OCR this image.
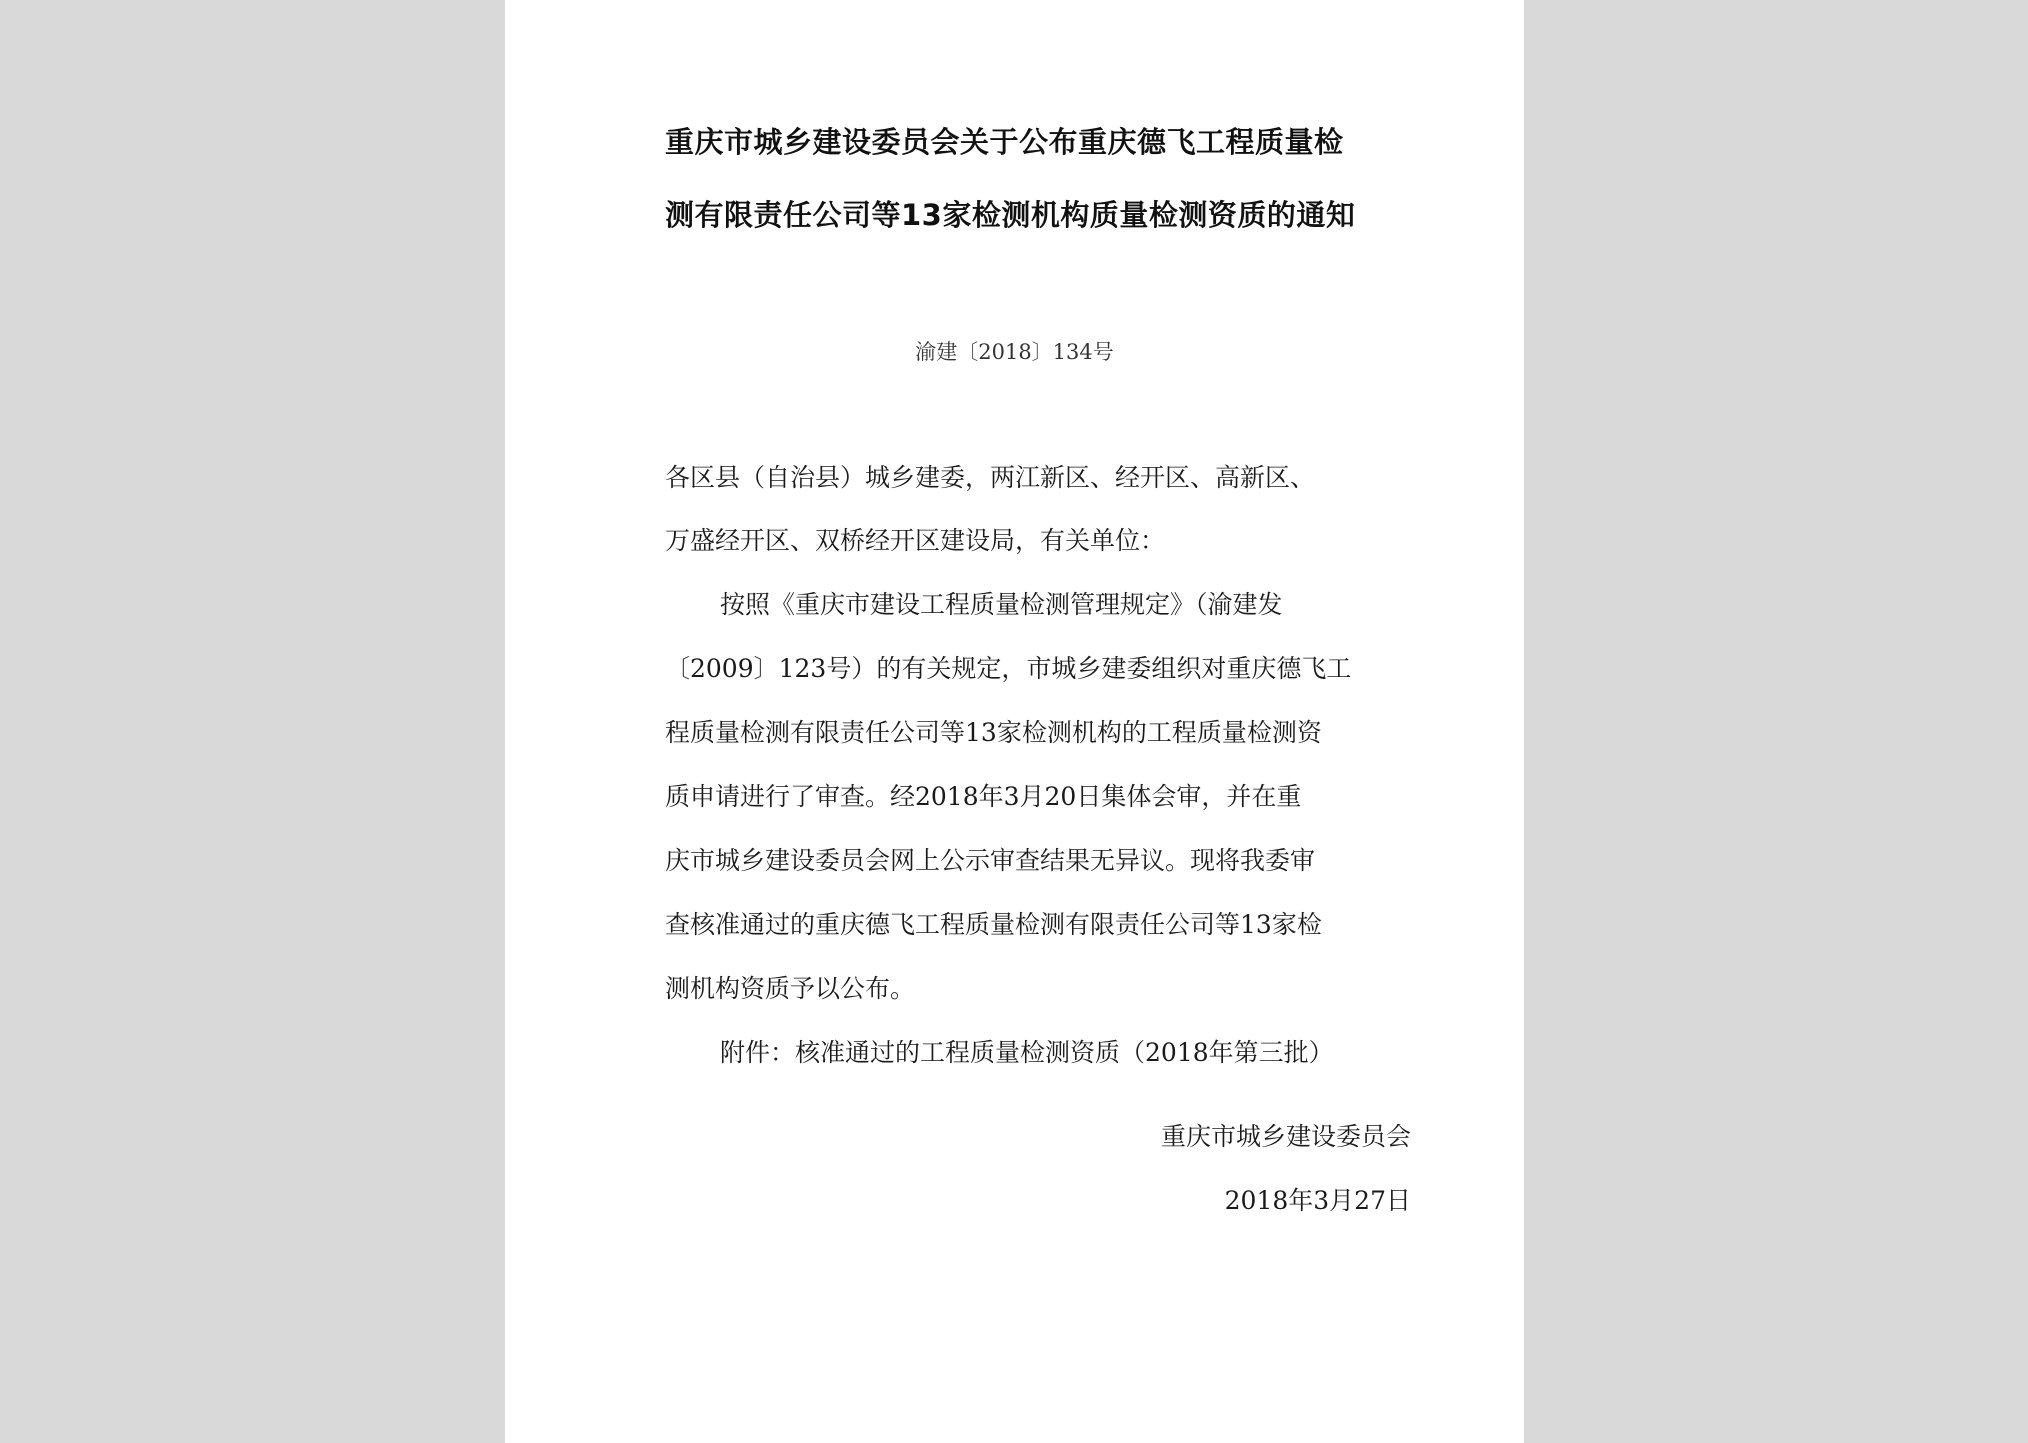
重庆市城乡建设委员会关于公布重庆德飞工程质量检
测有限责任公司等13家检测机构质量检测资质的通知
渝建〔2018〕134号
各区县（自治县）城乡建委，两江新区、经开区、高新区、
万盛经开区、双桥经开区建设局，有关单位：
按照《重庆市建设工程质量检测管理规定》（渝建发
〔2009〕123号）的有关规定，市城乡建委组织对重庆德飞工
程质量检测有限责任公司等13家检测机构的工程质量检测资
质申请进行了审查。经2018年3月20日集体会审，并在重
庆市城乡建设委员会网上公示审查结果无异议。现将我委审
查核准通过的重庆德飞工程质量检测有限责任公司等13家检
测机构资质予以公布。
附件：核准通过的工程质量检测资质（2018年第三批）
重庆市城乡建设委员会
2018年3月27日
